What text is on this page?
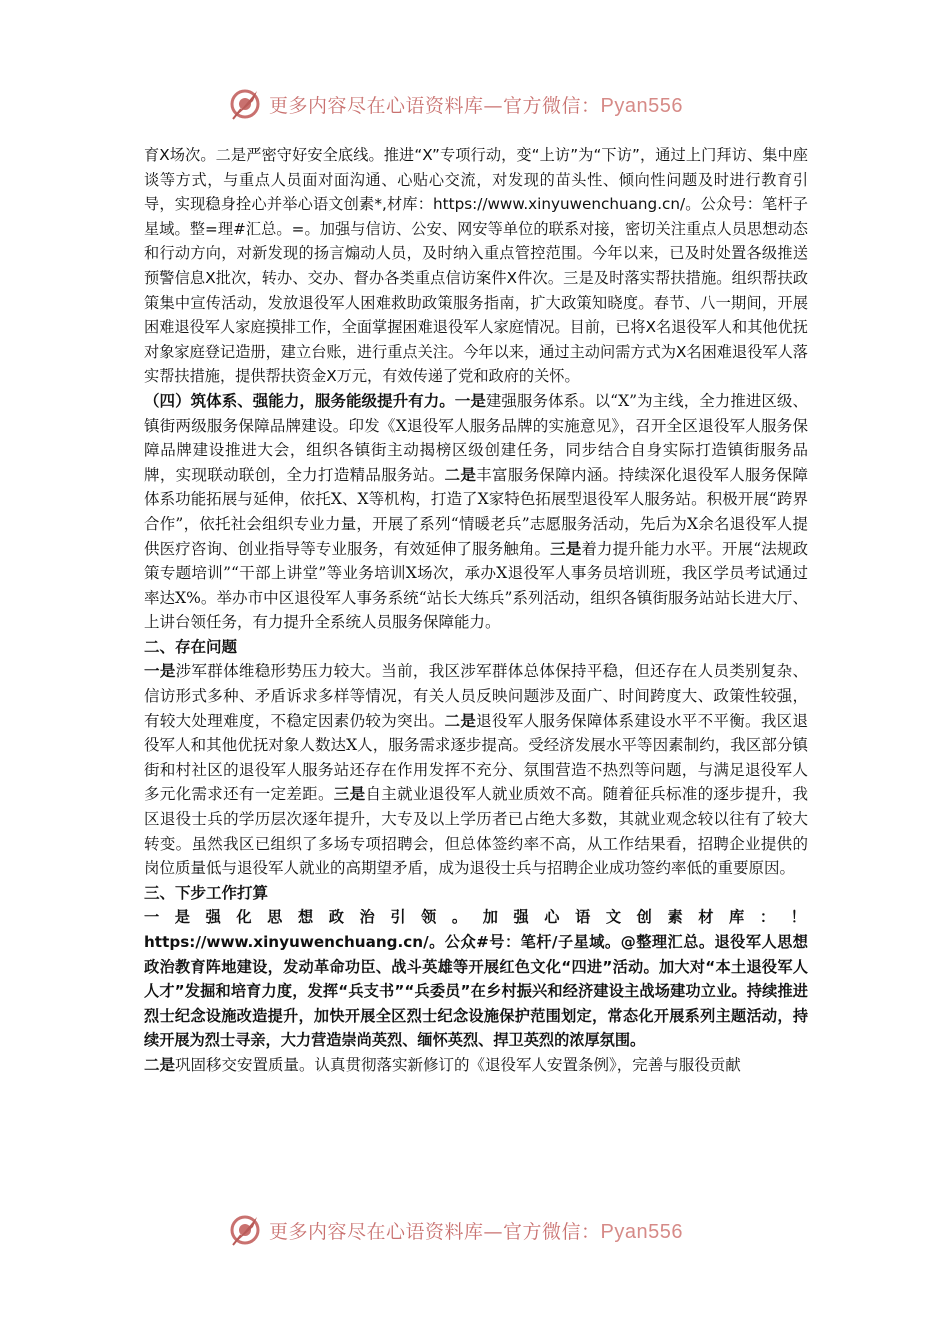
更多内容尽在心语资料库—官方微信：Pyan556

育X场次。二是严密守好安全底线。推进“X”专项行动，变“上访”为“下访”，通过上门拜访、集中座谈等方式，与重点人员面对面沟通、心贴心交流，对发现的苗头性、倾向性问题及时进行教育引导，实现稳身拴心并举心语文创素*,材库：https://www.xinyuwenchuang.cn/。公众号：笔杆子星域。整=理#汇总。=。加强与信访、公安、网安等单位的联系对接，密切关注重点人员思想动态和行动方向，对新发现的扬言煽动人员，及时纳入重点管控范围。今年以来，已及时处置各级推送预警信息X批次，转办、交办、督办各类重点信访案件X件次。三是及时落实帮扶措施。组织帮扶政策集中宣传活动，发放退役军人困难救助政策服务指南，扩大政策知晓度。春节、八一期间，开展困难退役军人家庭摸排工作，全面掌握困难退役军人家庭情况。目前，已将X名退役军人和其他优抚对象家庭登记造册，建立台账，进行重点关注。今年以来，通过主动问需方式为X名困难退役军人落实帮扶措施，提供帮扶资金X万元，有效传递了党和政府的关怀。

（四）筑体系、强能力，服务能级提升有力。一是建强服务体系。以“X”为主线，全力推进区级、镇街两级服务保障品牌建设。印发《X退役军人服务品牌的实施意见》，召开全区退役军人服务保障品牌建设推进大会，组织各镇街主动揭榜区级创建任务，同步结合自身实际打造镇街服务品牌，实现联动联创，全力打造精品服务站。二是丰富服务保障内涵。持续深化退役军人服务保障体系功能拓展与延伸，依托X、X等机构，打造了X家特色拓展型退役军人服务站。积极开展“跨界合作”，依托社会组织专业力量，开展了系列“情暖老兵”志愿服务活动，先后为X余名退役军人提供医疗咨询、创业指导等专业服务，有效延伸了服务触角。三是着力提升能力水平。开展“法规政策专题培训”“干部上讲堂”等业务培训X场次，承办X退役军人事务员培训班，我区学员考试通过率达X%。举办市中区退役军人事务系统“站长大练兵”系列活动，组织各镇街服务站站长进大厅、上讲台领任务，有力提升全系统人员服务保障能力。

二、存在问题

一是涉军群体维稳形势压力较大。当前，我区涉军群体总体保持平稳，但还存在人员类别复杂、信访形式多种、矛盾诉求多样等情况，有关人员反映问题涉及面广、时间跨度大、政策性较强，有较大处理难度，不稳定因素仍较为突出。二是退役军人服务保障体系建设水平不平衡。我区退役军人和其他优抚对象人数达X人，服务需求逐步提高。受经济发展水平等因素制约，我区部分镇街和村社区的退役军人服务站还存在作用发挥不充分、氛围营造不热烈等问题，与满足退役军人多元化需求还有一定差距。三是自主就业退役军人就业质效不高。随着征兵标准的逐步提升，我区退役士兵的学历层次逐年提升，大专及以上学历者已占绝大多数，其就业观念较以往有了较大转变。虽然我区已组织了多场专项招聘会，但总体签约率不高，从工作结果看，招聘企业提供的岗位质量低与退役军人就业的高期望矛盾，成为退役士兵与招聘企业成功签约率低的重要原因。

三、下步工作打算

一是强化思想政治引领。加强心语文创素材库：！ https://www.xinyuwenchuang.cn/。公众#号：笔杆/子星域。@整理汇总。退役军人思想政治教育阵地建设，发动革命功臣、战斗英雄等开展红色文化“四进”活动。加大对“本土退役军人人才”发掘和培育力度，发挥“兵支书”“兵委员”在乡村振兴和经济建设主战场建功立业。持续推进烈士纪念设施改造提升，加快开展全区烈士纪念设施保护范围划定，常态化开展系列主题活动，持续开展为烈士寻亲，大力营造崇尚英烈、缅怀英烈、捍卫英烈的浓厚氛围。

二是巩固移交安置质量。认真贯彻落实新修订的《退役军人安置条例》，完善与服役贡献

更多内容尽在心语资料库—官方微信：Pyan556
